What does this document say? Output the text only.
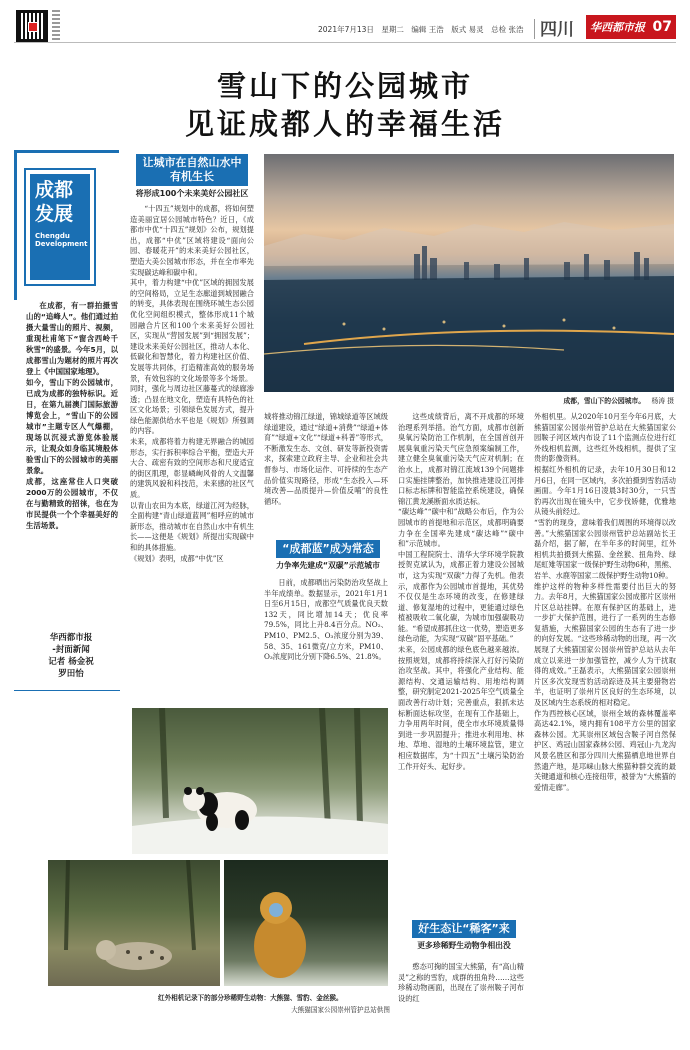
2021年7月13日　星期二　编辑 王浩　版式 易灵　总检 张浩 四川 华西都市报 07
雪山下的公园城市
见证成都人的幸福生活
成都
发展
Chengdu
Development
在成都，有一群拍摄雪山的“追峰人”。他们通过拍摄大量雪山的照片、视频，重现杜甫笔下“窗含西岭千秋雪”的盛景。今年5月，以成都雪山为题材的照片再次登上《中国国家地理》。
如今，雪山下的公园城市，已成为成都的独特标识。近日，在第九届澳门国际旅游博览会上，“雪山下的公园城市”主题专区人气爆棚，现场以沉浸式游览体验展示，让观众如身临其境般体验雪山下的公园城市的美丽景象。
成都，这座常住人口突破2000万的公园城市，不仅在与勤精致的招徕，也在为市民提供一个个幸福美好的生活场景。
华西都市报
-封面新闻
记者 杨金祝
罗田怡
让城市在自然山水中
有机生长
将形成100个未来美好公园社区
“十四五”规划中的成都，将如何塑造美丽宜居公园城市特色？近日，《成都市中优“十四五”规划》公布，规划提出，成都“中优”区域将建设“面向公园、春暖花开”的未来美好公园社区，塑造大美公园城市形态，并在全市率先实现碳达峰和碳中和。
其中，着力构建“中优”区域的拥园发展的空间格局，立足生态廊道到城园融合的转变，具体表现在围绕环城生态公园优化空间组织模式，整体形成11个城园融合片区和100个未来美好公园社区，实现从“营园发展”到“拥园发展”；建设未来美好公园社区，推动人本化、低碳化和智慧化，着力构建社区价值、发展等共同体，打造精准高效的服务场景，有效包容的文化场景等多个场景。
同时，强化与周边社区藤蔓式的绿廊渗透；凸显在地文化，塑造有具特色的社区文化场景；引领绿色发展方式，提升绿色能源供给水平也是《规划》所强调的内容。
未来，成都将着力构建无界融合的城园形态，实行拆积率综合平衡，塑造大开大合、疏密有致的空间形态和尺度适宜的街区肌理，彰显嶙峋风骨的人文温馨的建筑风貌和科技范，未来感的社区气质。
以青山农田为本底，绿道江河为经脉，全面构建“青山绿道蓝网”相呼应的城市新形态，推动城市在自然山水中有机生长——这便是《规划》所提出实现碳中和的具体措施。
《规划》表明，成都“中优”区
成都，雪山下的公园城市。 杨涛 摄
城将推动锦江绿道，锦城绿道等区域级绿道建设，通过“绿道+消费”“绿道+体育”“绿道+文化”“绿道+科普”等形式，不断激发生态、文创、研发等新投资需求，探索建立政府主导、企业和社会共督参与、市场化运作、可持续的生态产品价值实现路径，形成“生态投入—环境改善—品质提升—价值反哺”的良性循环。
“成都蓝”成为常态
力争率先建成“双碳”示范城市
日前，成都晒出污染防治攻坚战上半年成绩单。数据显示，2021年1月1日至6月15日，成都空气质量优良天数132天，同比增加14天；优良率79.5%，同比上升8.4百分点。NO₂、PM10、PM2.5、O₃浓度分别为39、58、35、161微克/立方米，PM10、O₃浓度同比分别下降6.5%、21.8%。
这些成绩背后，离不开成都的环境治理系列举措。治气方面，成都市创新臭氧污染防治工作机制，在全国首创开展臭氧重污染天气应急预案编制工作，建立健全臭氧重污染天气应对机制；在治水上，成都对锦江流域139个问题排口实施挂牌整治，加快推进建设江河排口标志标牌和智能监控系统建设，确保锦江黄龙溪断面水质达标。
“碳达峰”“碳中和”战略公布后，作为公园城市的首提地和示范区，成都明确要力争在全国率先建成“碳达峰”“碳中和”示范城市。
中国工程院院士、清华大学环境学院教授贺克斌认为，成都正着力建设公园城市，这为实现“双碳”力得了先机。他表示，成都作为公园城市首提地，其优势不仅仅是生态环境的改变，在修建绿道、修复湿地的过程中，更能通过绿色植被吸收二氧化碳，为城市加强碳吸功能。“希望成都抓住这一优势，塑造更多绿色动能，为实现“双碳”固平基础。”
未来，公园成都的绿色底色越来越浓。按照规划，成都将持续深入打好污染防治攻坚战。其中，将强化产业结构、能源结构、交通运输结构、用地结构调整，研究制定2021-2025年空气质量全面改善行动计划；完善重点，狠抓未达标断面达标攻坚，在现有工作基础上，力争用两年时间，使全市水环境质量得到进一步巩固提升；推进水利用地、林地、草地、湿地的土壤环境监管，建立相应数据库，为“十四五”土壤污染防治工作开好头、起好步。
外相机里。从2020年10月至今年6月底，大熊猫国家公园崇州管护总站在大熊猫国家公园鞍子河区域内布设了11个监测点位进行红外线相机监测，这些红外线相机，提供了宝贵的影像资料。
根据红外相机的记录，去年10月30日和12月6日，在同一区域内，多次拍摄到雪豹活动画面。今年1月16日凌晨3时30分，一只雪豹再次出现在镜头中，它步伐矫健，优雅地从镜头前经过。
“雪豹的现身，意味着我们周围的环境得以改善。”大熊猫国家公园崇州管护总站副站长王磊介绍，据了解，在半年多的时间里，红外相机共拍摄到大熊猫、金丝猴、扭角羚、绿尾虹雉等国家一级保护野生动物6种，黑熊、岩羊、水鹿等国家二级保护野生动物10种。
维护这样的物种多样性需要付出巨大的努力。去年8月，大熊猫国家公园成都片区崇州片区总站挂牌。在原有保护区的基础上，进一步扩大保护范围，进行了一系列的生态修复措施，大熊猫国家公园的生态有了进一步的向好发展。“这些珍稀动物的出现，再一次展现了大熊猫国家公园崇州管护总站从去年成立以来进一步加强管控，减少人为干扰取得的成效。”王磊表示，大熊猫国家公园崇州片区多次发现雪豹活动踪迹及其主要猎物岩羊，也证明了崇州片区良好的生态环境，以及区域内生态系统的相对稳定。
作为西控核心区域，崇州全域的森林覆盖率高达42.1%，境内拥有108平方公里的国家森林公园。尤其崇州区域包含鞍子河自然保护区、鸡冠山国家森林公园、鸡冠山-九龙沟风景名胜区和部分四川大熊猫栖息地世界自然遗产地，是邛崃山脉大熊猫种群交流的最关键通道和核心连接纽带，被誉为“大熊猫的爱情走廊”。
红外相机记录下的部分珍稀野生动物：大熊猫、雪豹、金丝猴。
大熊猫国家公园崇州管护总站供图
好生态让“稀客”来
更多珍稀野生动物争相出没
憨态可掬的国宝大熊猫，有“高山精灵”之称的雪豹，成群的扭角羚……这些珍稀动物画面，出现在了崇州鞍子河布设的红
